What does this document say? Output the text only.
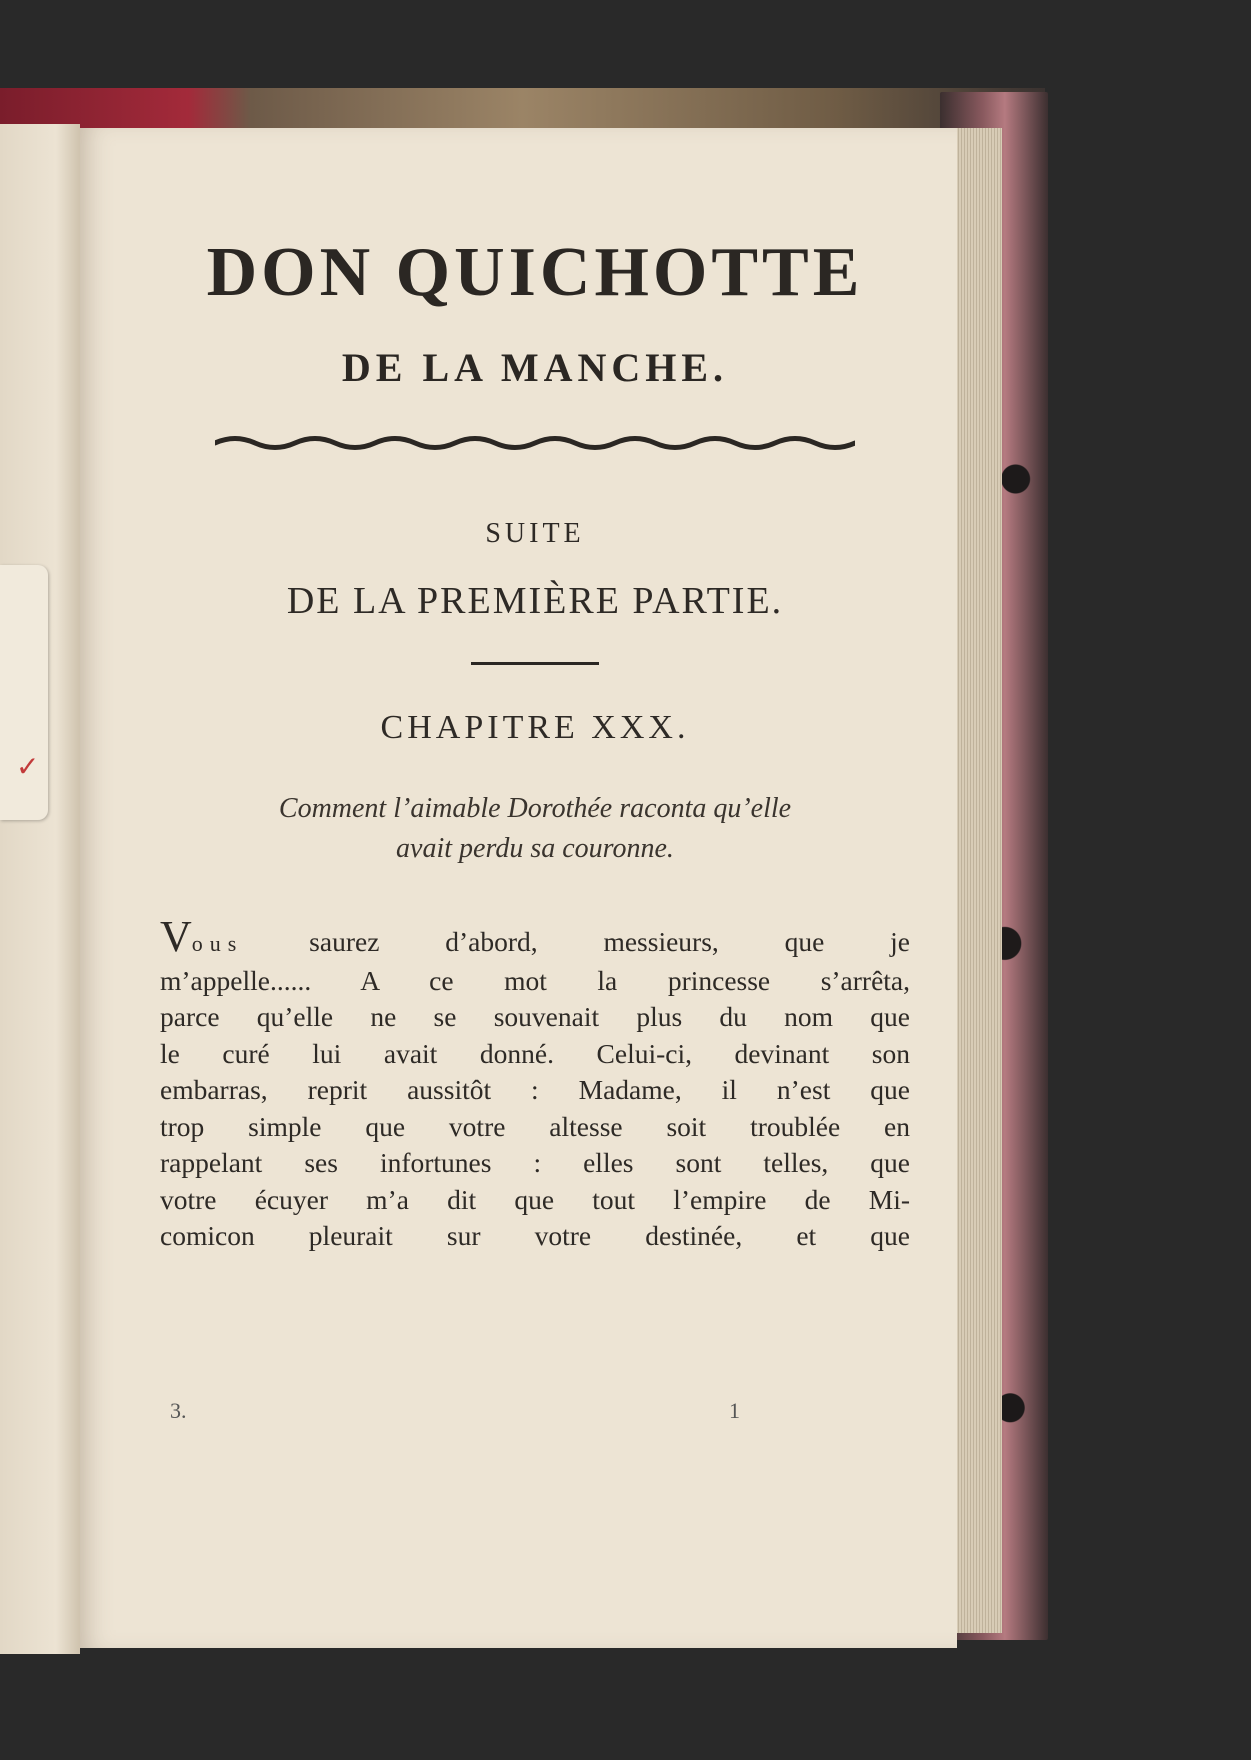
✓
DON QUICHOTTE
DE LA MANCHE.
SUITE
DE LA PREMIÈRE PARTIE.
CHAPITRE XXX.
Comment l’aimable Dorothée raconta qu’elle
avait perdu sa couronne.
Vous saurez d’abord, messieurs, que je
m’appelle...... A ce mot la princesse s’arrêta,
parce qu’elle ne se souvenait plus du nom que
le curé lui avait donné. Celui-ci, devinant son
embarras, reprit aussitôt : Madame, il n’est que
trop simple que votre altesse soit troublée en
rappelant ses infortunes : elles sont telles, que
votre écuyer m’a dit que tout l’empire de Mi-
comicon pleurait sur votre destinée, et que
3.	1
